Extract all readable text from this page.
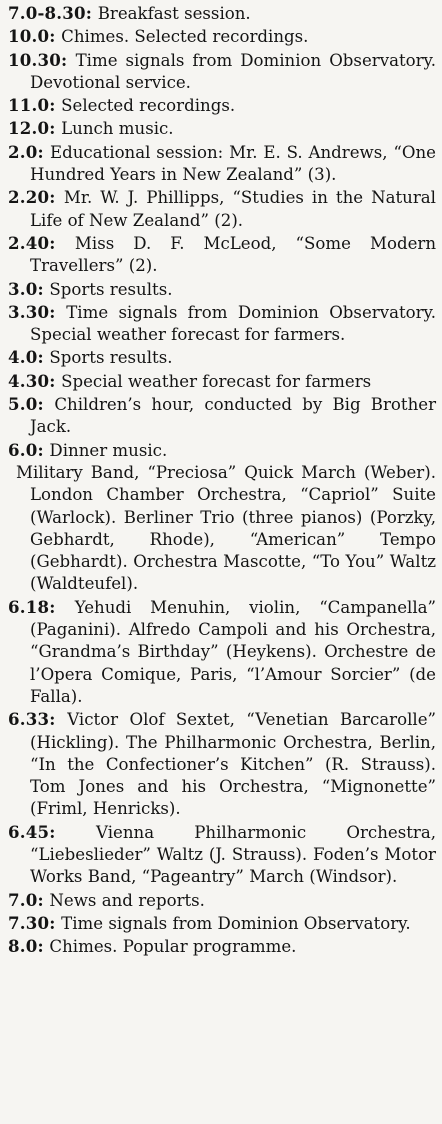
7.0-8.30: Breakfast session.

10.0: Chimes. Selected recordings.

10.30: Time signals from Dominion Observatory. Devotional service.

11.0: Selected recordings.

12.0: Lunch music.

2.0: Educational session: Mr. E. S. Andrews, “One Hundred Years in New Zealand” (3).

2.20: Mr. W. J. Phillipps, “Studies in the Natural Life of New Zealand” (2).

2.40: Miss D. F. McLeod, “Some Modern Travellers” (2).

3.0: Sports results.

3.30: Time signals from Dominion Observatory. Special weather forecast for farmers.

4.0: Sports results.

4.30: Special weather forecast for farmers

5.0: Children’s hour, conducted by Big Brother Jack.

6.0: Dinner music.

Military Band, “Preciosa” Quick March (Weber). London Chamber Orchestra, “Capriol” Suite (Warlock). Berliner Trio (three pianos) (Porzky, Gebhardt, Rhode), “American” Tempo (Gebhardt). Orchestra Mascotte, “To You” Waltz (Waldteufel).

6.18: Yehudi Menuhin, violin, “Campanella” (Paganini). Alfredo Campoli and his Orchestra, “Grandma’s Birthday” (Heykens). Orchestre de l’Opera Comique, Paris, “l’Amour Sorcier” (de Falla).

6.33: Victor Olof Sextet, “Venetian Barcarolle” (Hickling). The Philharmonic Orchestra, Berlin, “In the Confectioner’s Kitchen” (R. Strauss). Tom Jones and his Orchestra, “Mignonette” (Friml, Henricks).

6.45: Vienna Philharmonic Orchestra, “Liebeslieder” Waltz (J. Strauss). Foden’s Motor Works Band, “Pageantry” March (Windsor).

7.0: News and reports.

7.30: Time signals from Dominion Observatory.

8.0: Chimes. Popular programme.
